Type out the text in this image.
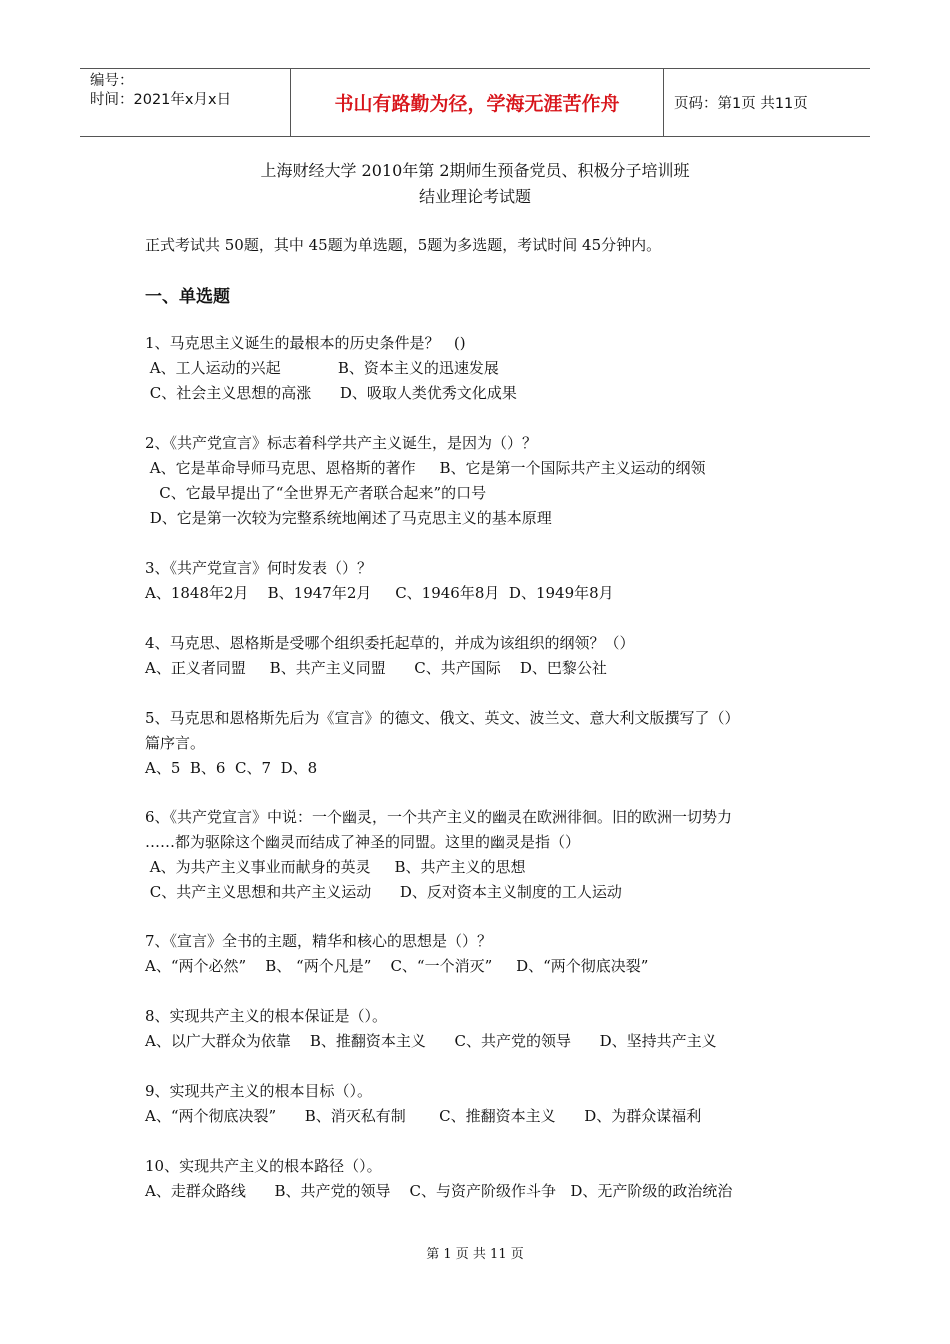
编号：
时间：2021年x月x日	书山有路勤为径，学海无涯苦作舟	页码：第1页 共11页
上海财经大学 2010年第 2期师生预备党员、积极分子培训班
结业理论考试题
正式考试共 50题，其中 45题为单选题，5题为多选题，考试时间 45分钟内。
一、单选题

1、马克思主义诞生的最根本的历史条件是？   ()

A、工人运动的兴起            B、资本主义的迅速发展

C、社会主义思想的高涨      D、吸取人类优秀文化成果

2、《共产党宣言》标志着科学共产主义诞生，是因为（）？

A、它是革命导师马克思、恩格斯的著作     B、它是第一个国际共产主义运动的纲领

C、它最早提出了“全世界无产者联合起来”的口号

D、它是第一次较为完整系统地阐述了马克思主义的基本原理

3、《共产党宣言》何时发表（）？

A、1848年2月    B、1947年2月     C、1946年8月  D、1949年8月

4、马克思、恩格斯是受哪个组织委托起草的，并成为该组织的纲领？（）

A、正义者同盟     B、共产主义同盟      C、共产国际    D、巴黎公社

5、马克思和恩格斯先后为《宣言》的德文、俄文、英文、波兰文、意大利文版撰写了（）

篇序言。

A、5  B、6  C、7  D、8

6、《共产党宣言》中说：一个幽灵，一个共产主义的幽灵在欧洲徘徊。旧的欧洲一切势力

……都为驱除这个幽灵而结成了神圣的同盟。这里的幽灵是指（）

A、为共产主义事业而献身的英灵     B、共产主义的思想

C、共产主义思想和共产主义运动      D、反对资本主义制度的工人运动

7、《宣言》全书的主题，精华和核心的思想是（）？

A、“两个必然”    B、 “两个凡是”    C、“一个消灭”     D、“两个彻底决裂”

8、实现共产主义的根本保证是（）。

A、以广大群众为依靠    B、推翻资本主义      C、共产党的领导      D、坚持共产主义

9、实现共产主义的根本目标（）。

A、“两个彻底决裂”      B、消灭私有制       C、推翻资本主义      D、为群众谋福利

10、实现共产主义的根本路径（）。

A、走群众路线      B、共产党的领导    C、与资产阶级作斗争   D、无产阶级的政治统治

第 1 页 共 11 页
